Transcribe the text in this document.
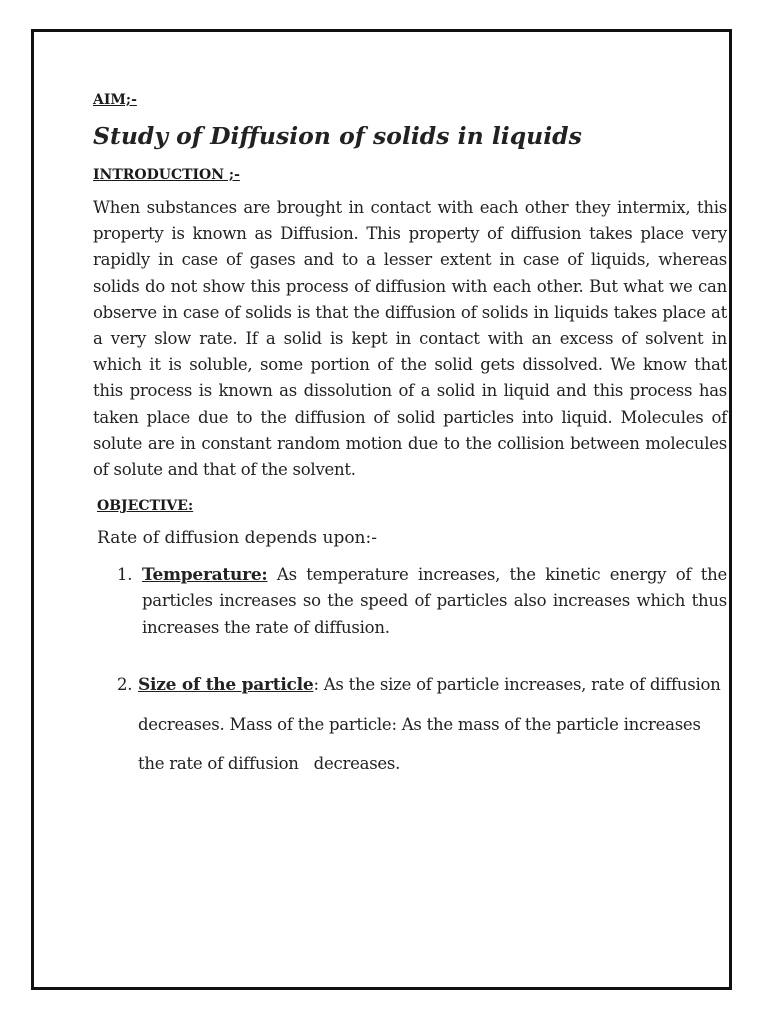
AIM;-

Study of Diffusion of solids in liquids

INTRODUCTION ;-

When substances are brought in contact with each other they intermix, this property is known as Diffusion. This property of diffusion takes place very rapidly in case of gases and to a lesser extent in case of liquids, whereas solids do not show this process of diffusion with each other. But what we can observe in case of solids is that the diffusion of solids in liquids takes place at a very slow rate. If a solid is kept in contact with an excess of solvent in which it is soluble, some portion of the solid gets dissolved. We know that this process is known as dissolution of a solid in liquid and this process has taken place due to the diffusion of solid particles into liquid. Molecules of solute are in constant random motion due to the collision between molecules of solute and that of the solvent.

OBJECTIVE:

Rate of diffusion depends upon:-

1. Temperature: As temperature increases, the kinetic energy of the particles increases so the speed of particles also increases which thus increases the rate of diffusion.
2. Size of the particle: As the size of particle increases, rate of diffusion decreases. Mass of the particle: As the mass of the particle increases the rate of diffusion   decreases.
